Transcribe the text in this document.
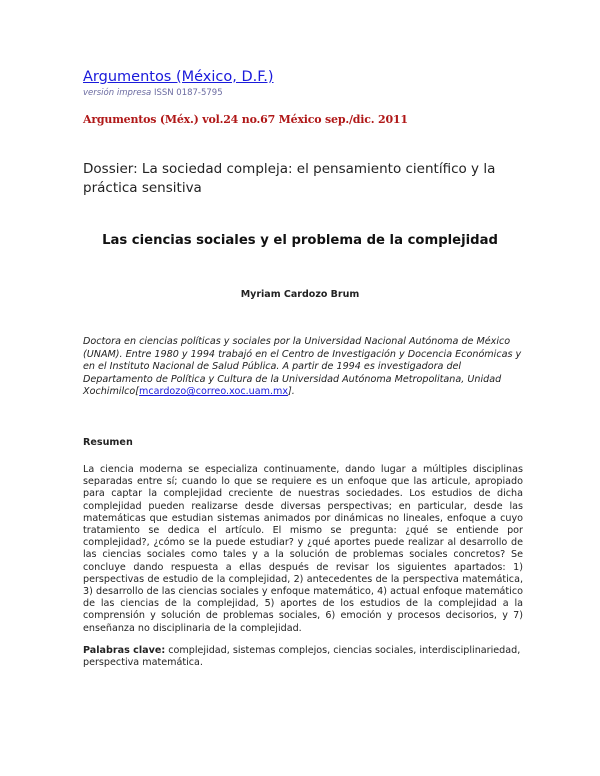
Argumentos (México, D.F.)
versión impresa ISSN 0187-5795
Argumentos (Méx.) vol.24 no.67 México sep./dic. 2011
Dossier: La sociedad compleja: el pensamiento científico y la práctica sensitiva
Las ciencias sociales y el problema de la complejidad
Myriam Cardozo Brum
Doctora en ciencias políticas y sociales por la Universidad Nacional Autónoma de México (UNAM). Entre 1980 y 1994 trabajó en el Centro de Investigación y Docencia Económicas y en el Instituto Nacional de Salud Pública. A partir de 1994 es investigadora del Departamento de Política y Cultura de la Universidad Autónoma Metropolitana, Unidad Xochimilco[mcardozo@correo.xoc.uam.mx].
Resumen
La ciencia moderna se especializa continuamente, dando lugar a múltiples disciplinas separadas entre sí; cuando lo que se requiere es un enfoque que las articule, apropiado para captar la complejidad creciente de nuestras sociedades. Los estudios de dicha complejidad pueden realizarse desde diversas perspectivas; en particular, desde las matemáticas que estudian sistemas animados por dinámicas no lineales, enfoque a cuyo tratamiento se dedica el artículo. El mismo se pregunta: ¿qué se entiende por complejidad?, ¿cómo se la puede estudiar? y ¿qué aportes puede realizar al desarrollo de las ciencias sociales como tales y a la solución de problemas sociales concretos? Se concluye dando respuesta a ellas después de revisar los siguientes apartados: 1) perspectivas de estudio de la complejidad, 2) antecedentes de la perspectiva matemática, 3) desarrollo de las ciencias sociales y enfoque matemático, 4) actual enfoque matemático de las ciencias de la complejidad, 5) aportes de los estudios de la complejidad a la comprensión y solución de problemas sociales, 6) emoción y procesos decisorios, y 7) enseñanza no disciplinaria de la complejidad.
Palabras clave: complejidad, sistemas complejos, ciencias sociales, interdisciplinariedad, perspectiva matemática.
